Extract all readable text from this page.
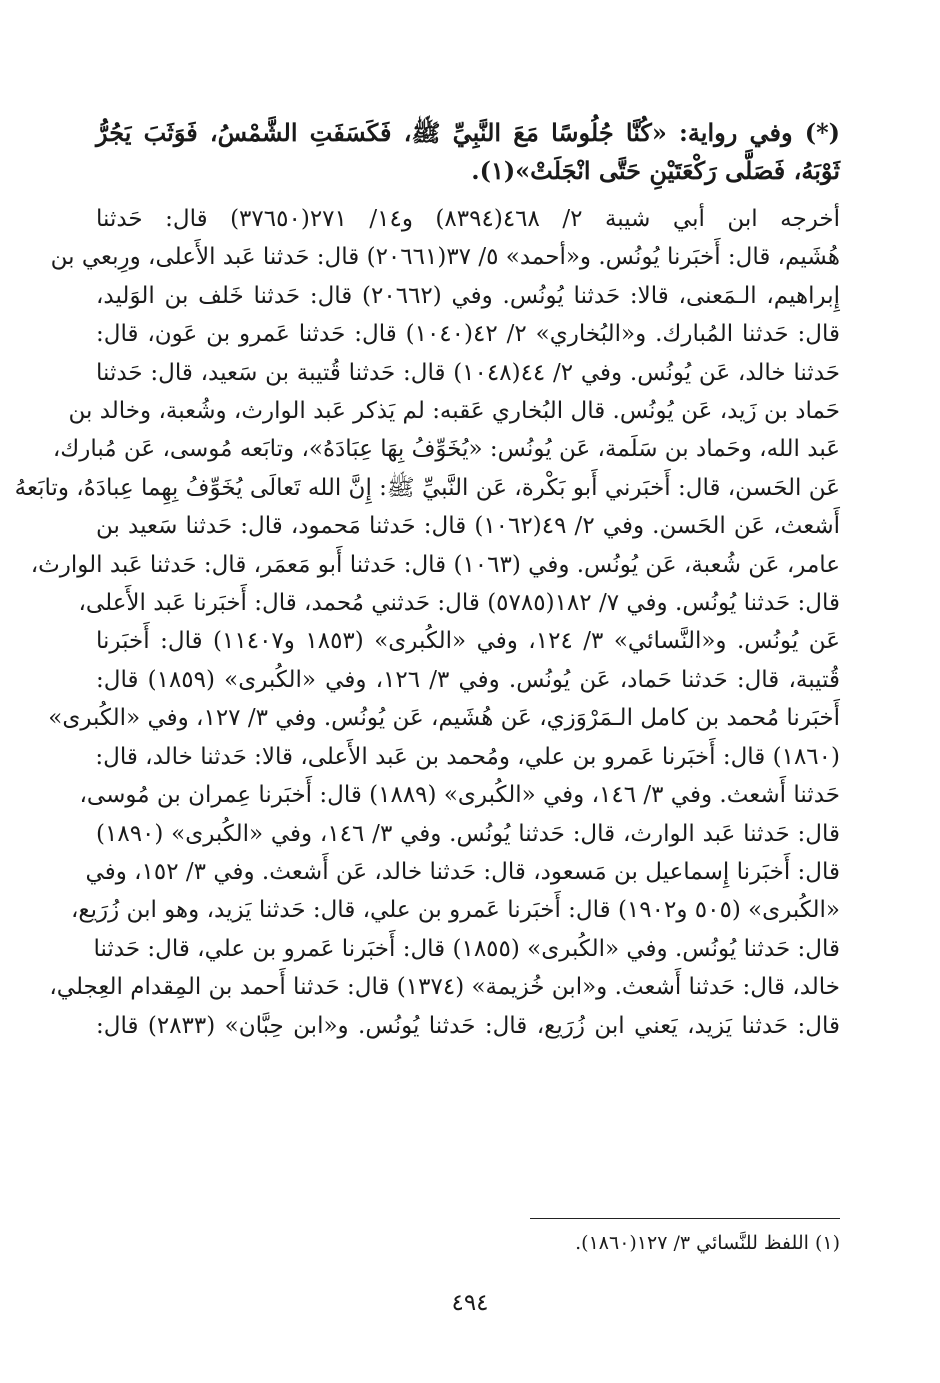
(*) وفي رواية: «كُنَّا جُلُوسًا مَعَ النَّبِيِّ ﷺ، فَكَسَفَتِ الشَّمْسُ، فَوَثَبَ يَجُرُّ
ثَوْبَهُ، فَصَلَّى رَكْعَتَيْنِ حَتَّى انْجَلَتْ»(١).
أخرجه ابن أبي شيبة ٢/ ٤٦٨(٨٣٩٤) و١٤/ ٢٧١(٣٧٦٥٠) قال: حَدثنا
هُشَيم، قال: أَخبَرنا يُونُس. و«أحمد» ٥/ ٣٧(٢٠٦٦١) قال: حَدثنا عَبد الأَعلى، ورِبعي بن
إِبراهيم، الـمَعنى، قالا: حَدثنا يُونُس. وفي (٢٠٦٦٢) قال: حَدثنا خَلف بن الوَليد،
قال: حَدثنا المُبارك. و«البُخاري» ٢/ ٤٢(١٠٤٠) قال: حَدثنا عَمرو بن عَون، قال:
حَدثنا خالد، عَن يُونُس. وفي ٢/ ٤٤(١٠٤٨) قال: حَدثنا قُتيبة بن سَعيد، قال: حَدثنا
حَماد بن زَيد، عَن يُونُس. قال البُخاري عَقبه: لم يَذكر عَبد الوارث، وشُعبة، وخالد بن
عَبد الله، وحَماد بن سَلَمة، عَن يُونُس: «يُخَوِّفُ بِهَا عِبَادَهُ»، وتابَعه مُوسى، عَن مُبارك،
عَن الحَسن، قال: أَخبَرني أَبو بَكْرة، عَن النَّبيِّ ﷺ: إِنَّ الله تَعالَى يُخَوِّفُ بِهِما عِبادَهُ، وتابَعهُ
أَشعث، عَن الحَسن. وفي ٢/ ٤٩(١٠٦٢) قال: حَدثنا مَحمود، قال: حَدثنا سَعيد بن
عامر، عَن شُعبة، عَن يُونُس. وفي (١٠٦٣) قال: حَدثنا أَبو مَعمَر، قال: حَدثنا عَبد الوارث،
قال: حَدثنا يُونُس. وفي ٧/ ١٨٢(٥٧٨٥) قال: حَدثني مُحمد، قال: أَخبَرنا عَبد الأَعلى،
عَن يُونُس. و«النَّسائي» ٣/ ١٢٤، وفي «الكُبرى» (١٨٥٣ و١١٤٠٧) قال: أَخبَرنا
قُتيبة، قال: حَدثنا حَماد، عَن يُونُس. وفي ٣/ ١٢٦، وفي «الكُبرى» (١٨٥٩) قال:
أَخبَرنا مُحمد بن كامل الـمَرْوَزي، عَن هُشَيم، عَن يُونُس. وفي ٣/ ١٢٧، وفي «الكُبرى»
(١٨٦٠) قال: أَخبَرنا عَمرو بن علي، ومُحمد بن عَبد الأَعلى، قالا: حَدثنا خالد، قال:
حَدثنا أَشعث. وفي ٣/ ١٤٦، وفي «الكُبرى» (١٨٨٩) قال: أَخبَرنا عِمران بن مُوسى،
قال: حَدثنا عَبد الوارث، قال: حَدثنا يُونُس. وفي ٣/ ١٤٦، وفي «الكُبرى» (١٨٩٠)
قال: أَخبَرنا إِسماعيل بن مَسعود، قال: حَدثنا خالد، عَن أَشعث. وفي ٣/ ١٥٢، وفي
«الكُبرى» (٥٠٥ و١٩٠٢) قال: أَخبَرنا عَمرو بن علي، قال: حَدثنا يَزيد، وهو ابن زُرَيع،
قال: حَدثنا يُونُس. وفي «الكُبرى» (١٨٥٥) قال: أَخبَرنا عَمرو بن علي، قال: حَدثنا
خالد، قال: حَدثنا أَشعث. و«ابن خُزيمة» (١٣٧٤) قال: حَدثنا أَحمد بن المِقدام العِجلي،
قال: حَدثنا يَزيد، يَعني ابن زُرَيع، قال: حَدثنا يُونُس. و«ابن حِبَّان» (٢٨٣٣) قال:
(١) اللفظ للنَّسائي ٣/ ١٢٧(١٨٦٠).
٤٩٤
